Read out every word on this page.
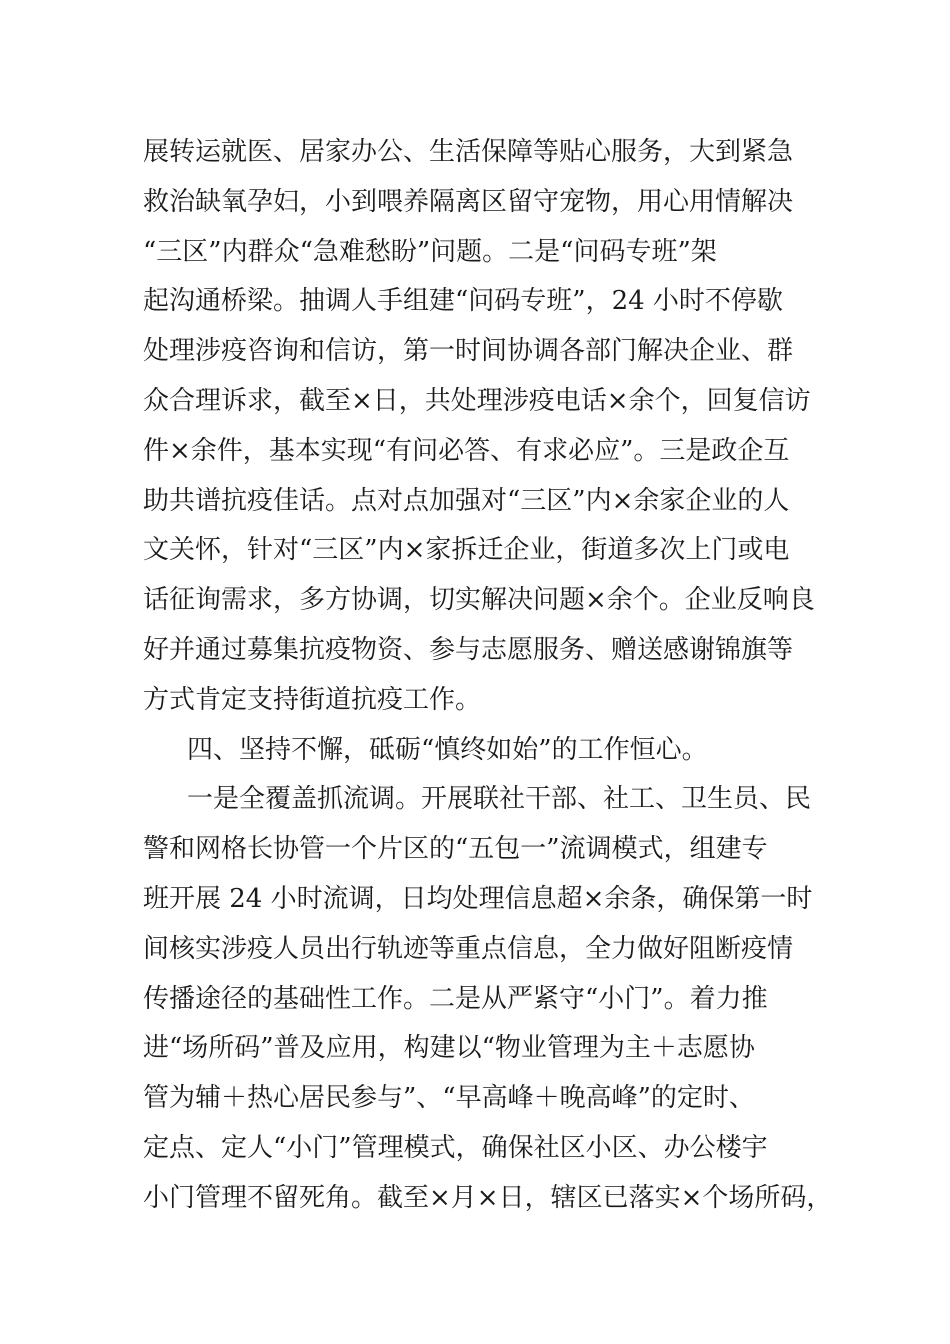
展转运就医、居家办公、生活保障等贴心服务，大到紧急
救治缺氧孕妇，小到喂养隔离区留守宠物，用心用情解决
“三区”内群众“急难愁盼”问题。二是“问码专班”架
起沟通桥梁。抽调人手组建“问码专班”，24 小时不停歇
处理涉疫咨询和信访，第一时间协调各部门解决企业、群
众合理诉求，截至×日，共处理涉疫电话×余个，回复信访
件×余件，基本实现“有问必答、有求必应”。三是政企互
助共谱抗疫佳话。点对点加强对“三区”内×余家企业的人
文关怀，针对“三区”内×家拆迁企业，街道多次上门或电
话征询需求，多方协调，切实解决问题×余个。企业反响良
好并通过募集抗疫物资、参与志愿服务、赠送感谢锦旗等
方式肯定支持街道抗疫工作。
四、坚持不懈，砥砺“慎终如始”的工作恒心。
一是全覆盖抓流调。开展联社干部、社工、卫生员、民
警和网格长协管一个片区的“五包一”流调模式，组建专
班开展 24 小时流调，日均处理信息超×余条，确保第一时
间核实涉疫人员出行轨迹等重点信息，全力做好阻断疫情
传播途径的基础性工作。二是从严紧守“小门”。着力推
进“场所码”普及应用，构建以“物业管理为主＋志愿协
管为辅＋热心居民参与”、“早高峰＋晚高峰”的定时、
定点、定人“小门”管理模式，确保社区小区、办公楼宇
小门管理不留死角。截至×月×日，辖区已落实×个场所码，
